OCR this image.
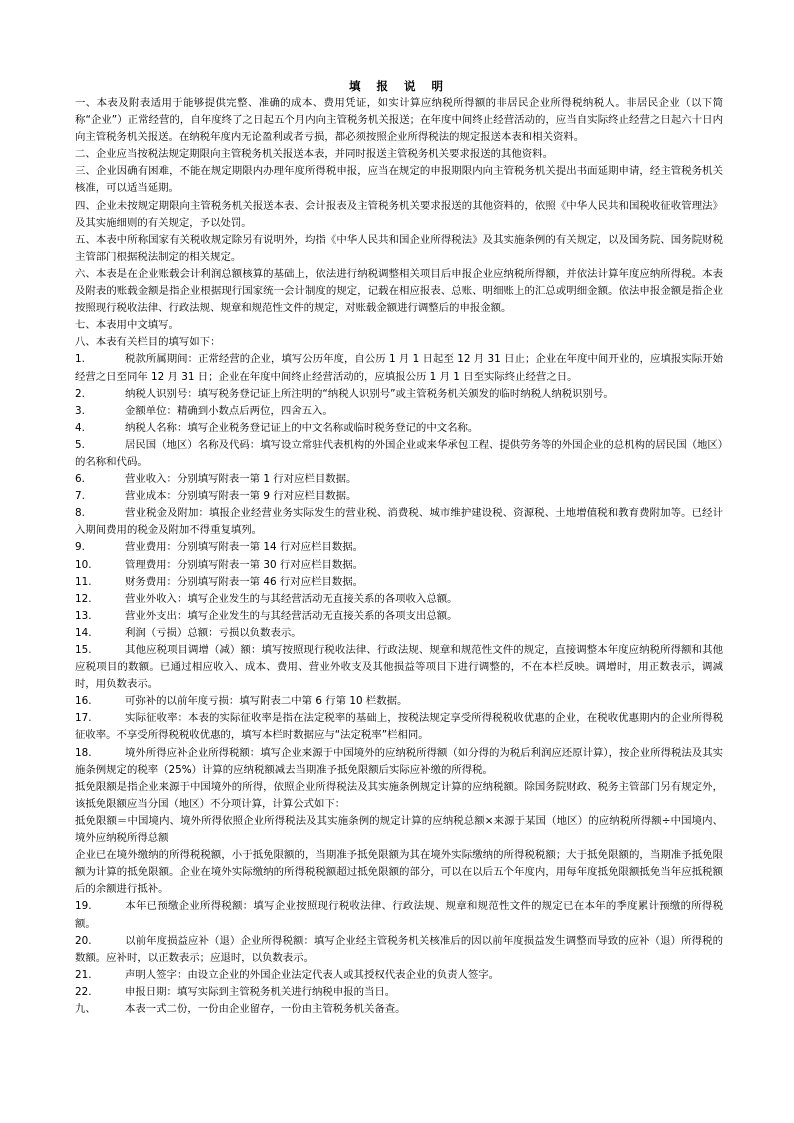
填 报 说 明

一、本表及附表适用于能够提供完整、准确的成本、费用凭证，如实计算应纳税所得额的非居民企业所得税纳税人。非居民企业（以下简称“企业”）正常经营的，自年度终了之日起五个月内向主管税务机关报送；在年度中间终止经营活动的，应当自实际终止经营之日起六十日内向主管税务机关报送。在纳税年度内无论盈利或者亏损，都必须按照企业所得税法的规定报送本表和相关资料。

二、企业应当按税法规定期限向主管税务机关报送本表，并同时报送主管税务机关要求报送的其他资料。

三、企业因确有困难，不能在规定期限内办理年度所得税申报，应当在规定的申报期限内向主管税务机关提出书面延期申请，经主管税务机关核准，可以适当延期。

四、企业未按规定期限向主管税务机关报送本表、会计报表及主管税务机关要求报送的其他资料的，依照《中华人民共和国税收征收管理法》及其实施细则的有关规定，予以处罚。

五、本表中所称国家有关税收规定除另有说明外，均指《中华人民共和国企业所得税法》及其实施条例的有关规定，以及国务院、国务院财税主管部门根据税法制定的相关规定。

六、本表是在企业账载会计利润总额核算的基础上，依法进行纳税调整相关项目后申报企业应纳税所得额，并依法计算年度应纳所得税。本表及附表的账载金额是指企业根据现行国家统一会计制度的规定，记载在相应报表、总账、明细账上的汇总或明细金额。依法申报金额是指企业按照现行税收法律、行政法规、规章和规范性文件的规定，对账载金额进行调整后的申报金额。

七、本表用中文填写。

八、本表有关栏目的填写如下：

1.	税款所属期间：正常经营的企业，填写公历年度，自公历 1 月 1 日起至 12 月 31 日止；企业在年度中间开业的，应填报实际开始经营之日至同年 12 月 31 日；企业在年度中间终止经营活动的，应填报公历 1 月 1 日至实际终止经营之日。
2.	纳税人识别号：填写税务登记证上所注明的“纳税人识别号”或主管税务机关颁发的临时纳税人纳税识别号。
3.	金额单位：精确到小数点后两位，四舍五入。
4.	纳税人名称：填写企业税务登记证上的中文名称或临时税务登记的中文名称。
5.	居民国（地区）名称及代码：填写设立常驻代表机构的外国企业或来华承包工程、提供劳务等的外国企业的总机构的居民国（地区）的名称和代码。
6.	营业收入：分别填写附表一第 1 行对应栏目数据。
7.	营业成本：分别填写附表一第 9 行对应栏目数据。
8.	营业税金及附加：填报企业经营业务实际发生的营业税、消费税、城市维护建设税、资源税、土地增值税和教育费附加等。已经计入期间费用的税金及附加不得重复填列。
9.	营业费用：分别填写附表一第 14 行对应栏目数据。
10.	管理费用：分别填写附表一第 30 行对应栏目数据。
11.	财务费用：分别填写附表一第 46 行对应栏目数据。
12.	营业外收入：填写企业发生的与其经营活动无直接关系的各项收入总额。
13.	营业外支出：填写企业发生的与其经营活动无直接关系的各项支出总额。
14.	利润（亏损）总额：亏损以负数表示。
15.	其他应税项目调增（减）额：填写按照现行税收法律、行政法规、规章和规范性文件的规定，直接调整本年度应纳税所得额和其他应税项目的数额。已通过相应收入、成本、费用、营业外收支及其他损益等项目下进行调整的，不在本栏反映。调增时，用正数表示，调减时，用负数表示。
16.	可弥补的以前年度亏损：填写附表二中第 6 行第 10 栏数据。
17.	实际征收率：本表的实际征收率是指在法定税率的基础上，按税法规定享受所得税税收优惠的企业，在税收优惠期内的企业所得税征收率。不享受所得税税收优惠的，填写本栏时数据应与“法定税率”栏相同。
18.	境外所得应补企业所得税额：填写企业来源于中国境外的应纳税所得额（如分得的为税后利润应还原计算），按企业所得税法及其实施条例规定的税率（25%）计算的应纳税额减去当期准予抵免限额后实际应补缴的所得税。

抵免限额是指企业来源于中国境外的所得，依照企业所得税法及其实施条例规定计算的应纳税额。除国务院财政、税务主管部门另有规定外，该抵免限额应当分国（地区）不分项计算，计算公式如下：

抵免限额＝中国境内、境外所得依照企业所得税法及其实施条例的规定计算的应纳税总额×来源于某国（地区）的应纳税所得额÷中国境内、境外应纳税所得总额

企业已在境外缴纳的所得税税额，小于抵免限额的，当期准予抵免限额为其在境外实际缴纳的所得税税额；大于抵免限额的，当期准予抵免限额为计算的抵免限额。企业在境外实际缴纳的所得税税额超过抵免限额的部分，可以在以后五个年度内，用每年度抵免限额抵免当年应抵税额后的余额进行抵补。

19.	本年已预缴企业所得税额：填写企业按照现行税收法律、行政法规、规章和规范性文件的规定已在本年的季度累计预缴的所得税额。
20.	以前年度损益应补（退）企业所得税额：填写企业经主管税务机关核准后的因以前年度损益发生调整而导致的应补（退）所得税的数额。应补时，以正数表示；应退时，以负数表示。
21.	声明人签字：由设立企业的外国企业法定代表人或其授权代表企业的负责人签字。
22.	申报日期：填写实际到主管税务机关进行纳税申报的当日。
九、	本表一式二份，一份由企业留存，一份由主管税务机关备查。
